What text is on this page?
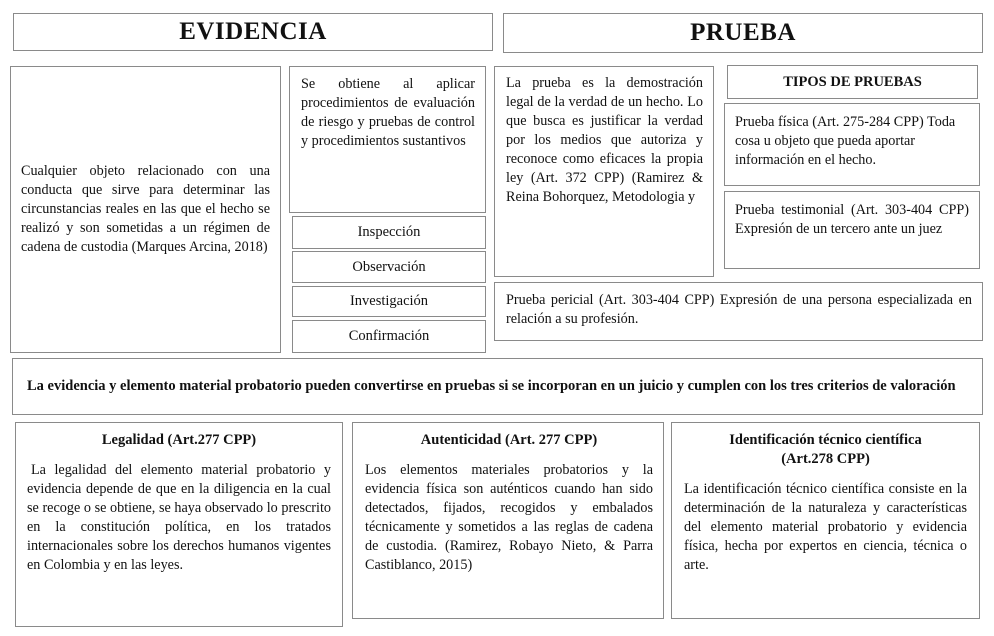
EVIDENCIA	PRUEBA
Cualquier objeto relacionado con una conducta que sirve para determinar las circunstancias reales en las que el hecho se realizó y son sometidas a un régimen de cadena de custodia (Marques Arcina, 2018)
Se obtiene al aplicar procedimientos de evaluación de riesgo y pruebas de control y procedimientos sustantivos
Inspección
Observación
Investigación
Confirmación
La prueba es la demostración legal de la verdad de un hecho. Lo que busca es justificar la verdad por los medios que autoriza y reconoce como eficaces la propia ley (Art. 372 CPP) (Ramirez & Reina Bohorquez, Metodologia y
TIPOS DE PRUEBAS
Prueba física (Art. 275-284 CPP) Toda cosa u objeto que pueda aportar información en el hecho.
Prueba testimonial (Art. 303-404 CPP) Expresión de un tercero ante un juez
Prueba pericial (Art. 303-404 CPP) Expresión de una persona especializada en relación a su profesión.
La evidencia y elemento material probatorio pueden convertirse en pruebas si se incorporan en un juicio y cumplen con los tres criterios de valoración
Legalidad (Art.277 CPP)
La legalidad del elemento material probatorio y evidencia depende de que en la diligencia en la cual se recoge o se obtiene, se haya observado lo prescrito en la constitución política, en los tratados internacionales sobre los derechos humanos vigentes en Colombia y en las leyes.
Autenticidad (Art. 277 CPP)
Los elementos materiales probatorios y la evidencia física son auténticos cuando han sido detectados, fijados, recogidos y embalados técnicamente y sometidos a las reglas de cadena de custodia. (Ramirez, Robayo Nieto, & Parra Castiblanco, 2015)
Identificación técnico científica (Art.278 CPP)
La identificación técnico científica consiste en la determinación de la naturaleza y características del elemento material probatorio y evidencia física, hecha por expertos en ciencia, técnica o arte.
